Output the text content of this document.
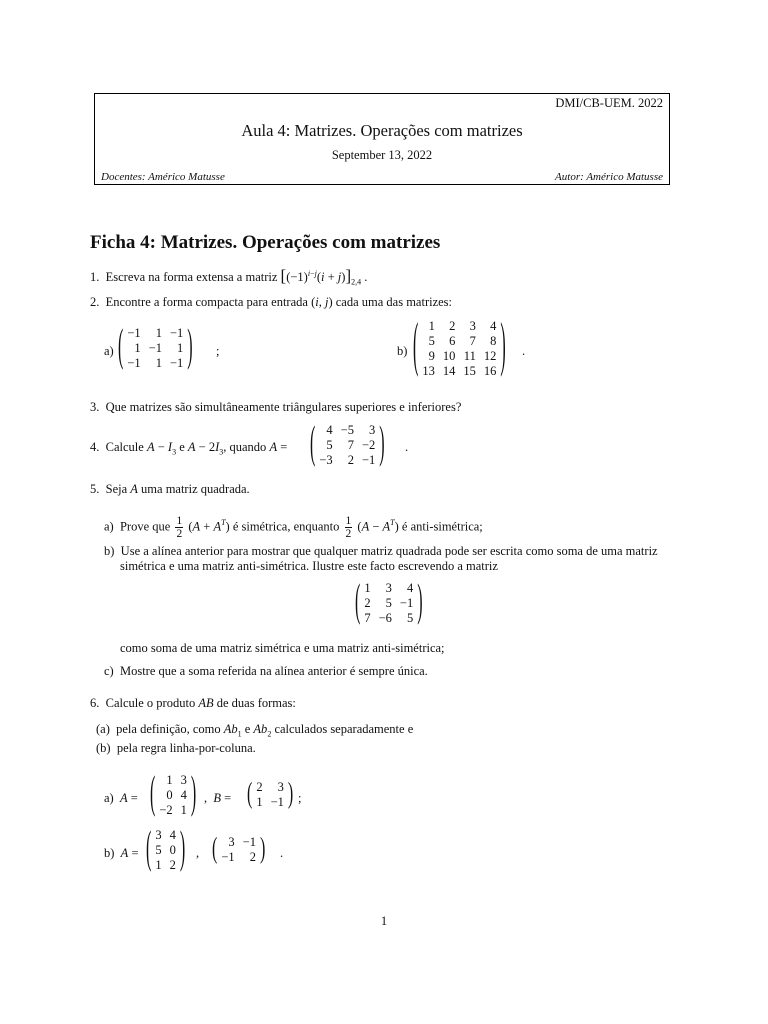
DMI/CB-UEM. 2022
Aula 4: Matrizes. Operações com matrizes
September 13, 2022
Docentes: Américo Matusse	Autor: Américo Matusse
Ficha 4: Matrizes. Operações com matrizes
1. Escreva na forma extensa a matriz $[(-1)^{i-j}(i + j)]_{2,4}$ .
2. Encontre a forma compacta para entrada (i, j) cada uma das matrizes:
a) ( −1	1	−1
1	−1	1
−1	1	−1 ) ;	b) ( 1	2	3	4
5	6	7	8
9	10	11	12
13	14	15	16 ) .
3. Que matrizes são simultâneamente triângulares superiores e inferiores?
4. Calcule $A - I_3$ e $A - 2I_3$, quando A = ( 4	−5	3
5	7	−2
−3	2	−1 ) .
5. Seja A uma matriz quadrada.
a) Prove que $\frac{1}{2} (A + A^T)$ é simétrica, enquanto $\frac{1}{2} (A - A^T)$ é anti-simétrica;
b) Use a alínea anterior para mostrar que qualquer matriz quadrada pode ser escrita como soma de uma matriz
simétrica e uma matriz anti-simétrica. Ilustre este facto escrevendo a matriz
( 1	3	4
2	5	−1
7	−6	5 )
como soma de uma matriz simétrica e uma matriz anti-simétrica;
c) Mostre que a soma referida na alínea anterior é sempre única.
6. Calcule o produto AB de duas formas:
(a) pela definição, como $Ab_1$ e $Ab_2$ calculados separadamente e
(b) pela regra linha-por-coluna.
a) A = ( 1	3
0	4
−2	1 ) ,  B = ( 2	3
1	−1 ) ;
b) A = ( 3	4
5	0
1	2 ) , ( 3	−1
−1	2 ) .
1
